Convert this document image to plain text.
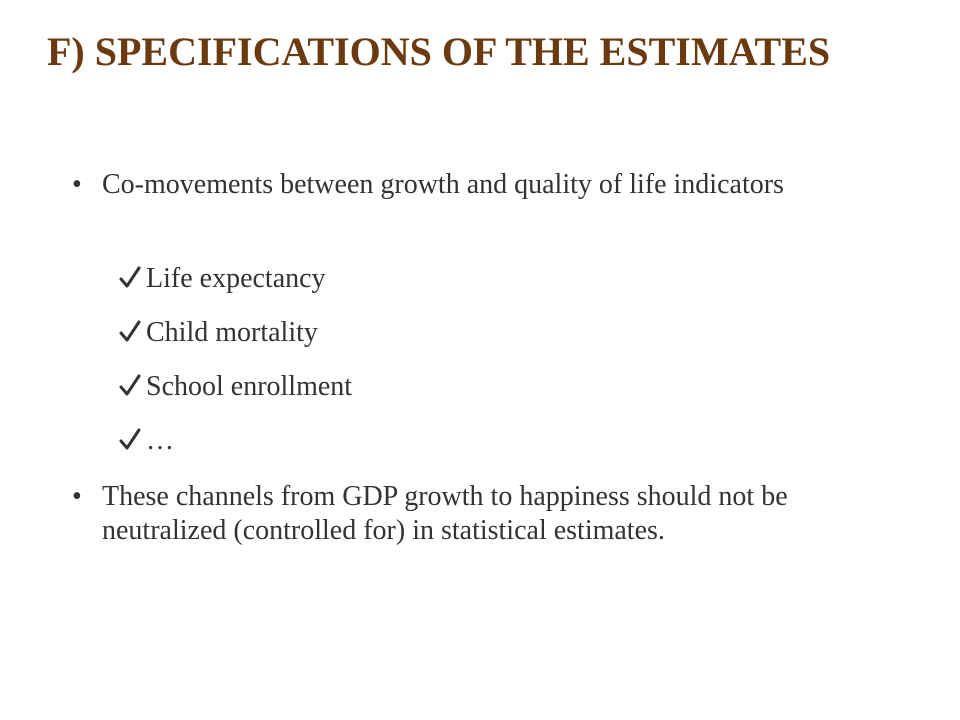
F) SPECIFICATIONS OF THE ESTIMATES
• Co-movements between growth and quality of life indicators
Life expectancy
Child mortality
School enrollment
…
• These channels from GDP growth to happiness should not be neutralized (controlled for) in statistical estimates.
